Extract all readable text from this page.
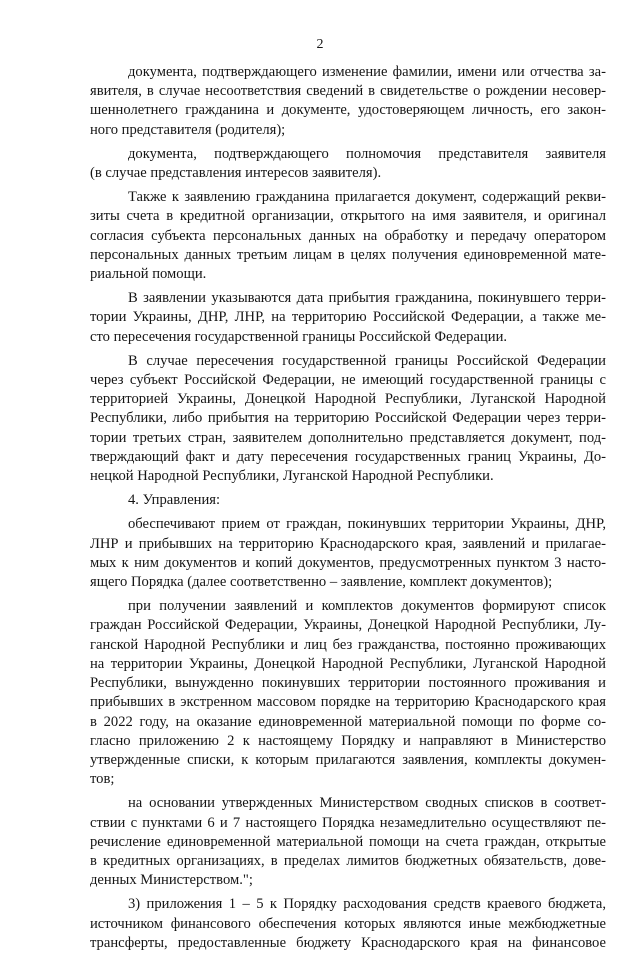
2
документа, подтверждающего изменение фамилии, имени или отчества за-
явителя, в случае несоответствия сведений в свидетельстве о рождении несовер-
шеннолетнего гражданина и документе, удостоверяющем личность, его закон-
ного представителя (родителя);
документа, подтверждающего полномочия представителя заявителя
(в случае представления интересов заявителя).
Также к заявлению гражданина прилагается документ, содержащий рекви-
зиты счета в кредитной организации, открытого на имя заявителя, и оригинал
согласия субъекта персональных данных на обработку и передачу оператором
персональных данных третьим лицам в целях получения единовременной мате-
риальной помощи.
В заявлении указываются дата прибытия гражданина, покинувшего терри-
тории Украины, ДНР, ЛНР, на территорию Российской Федерации, а также ме-
сто пересечения государственной границы Российской Федерации.
В случае пересечения государственной границы Российской Федерации
через субъект Российской Федерации, не имеющий государственной границы с
территорией Украины, Донецкой Народной Республики, Луганской Народной
Республики, либо прибытия на территорию Российской Федерации через терри-
тории третьих стран, заявителем дополнительно представляется документ, под-
тверждающий факт и дату пересечения государственных границ Украины, До-
нецкой Народной Республики, Луганской Народной Республики.
4. Управления:
обеспечивают прием от граждан, покинувших территории Украины, ДНР,
ЛНР и прибывших на территорию Краснодарского края, заявлений и прилагае-
мых к ним документов и копий документов, предусмотренных пунктом 3 насто-
ящего Порядка (далее соответственно – заявление, комплект документов);
при получении заявлений и комплектов документов формируют список
граждан Российской Федерации, Украины, Донецкой Народной Республики, Лу-
ганской Народной Республики и лиц без гражданства, постоянно проживающих
на территории Украины, Донецкой Народной Республики, Луганской Народной
Республики, вынужденно покинувших территории постоянного проживания и
прибывших в экстренном массовом порядке на территорию Краснодарского края
в 2022 году, на оказание единовременной материальной помощи по форме со-
гласно приложению 2 к настоящему Порядку и направляют в Министерство
утвержденные списки, к которым прилагаются заявления, комплекты докумен-
тов;
на основании утвержденных Министерством сводных списков в соответ-
ствии с пунктами 6 и 7 настоящего Порядка незамедлительно осуществляют пе-
речисление единовременной материальной помощи на счета граждан, открытые
в кредитных организациях, в пределах лимитов бюджетных обязательств, дове-
денных Министерством.";
3) приложения 1 – 5 к Порядку расходования средств краевого бюджета,
источником финансового обеспечения которых являются иные межбюджетные
трансферты, предоставленные бюджету Краснодарского края на финансовое
